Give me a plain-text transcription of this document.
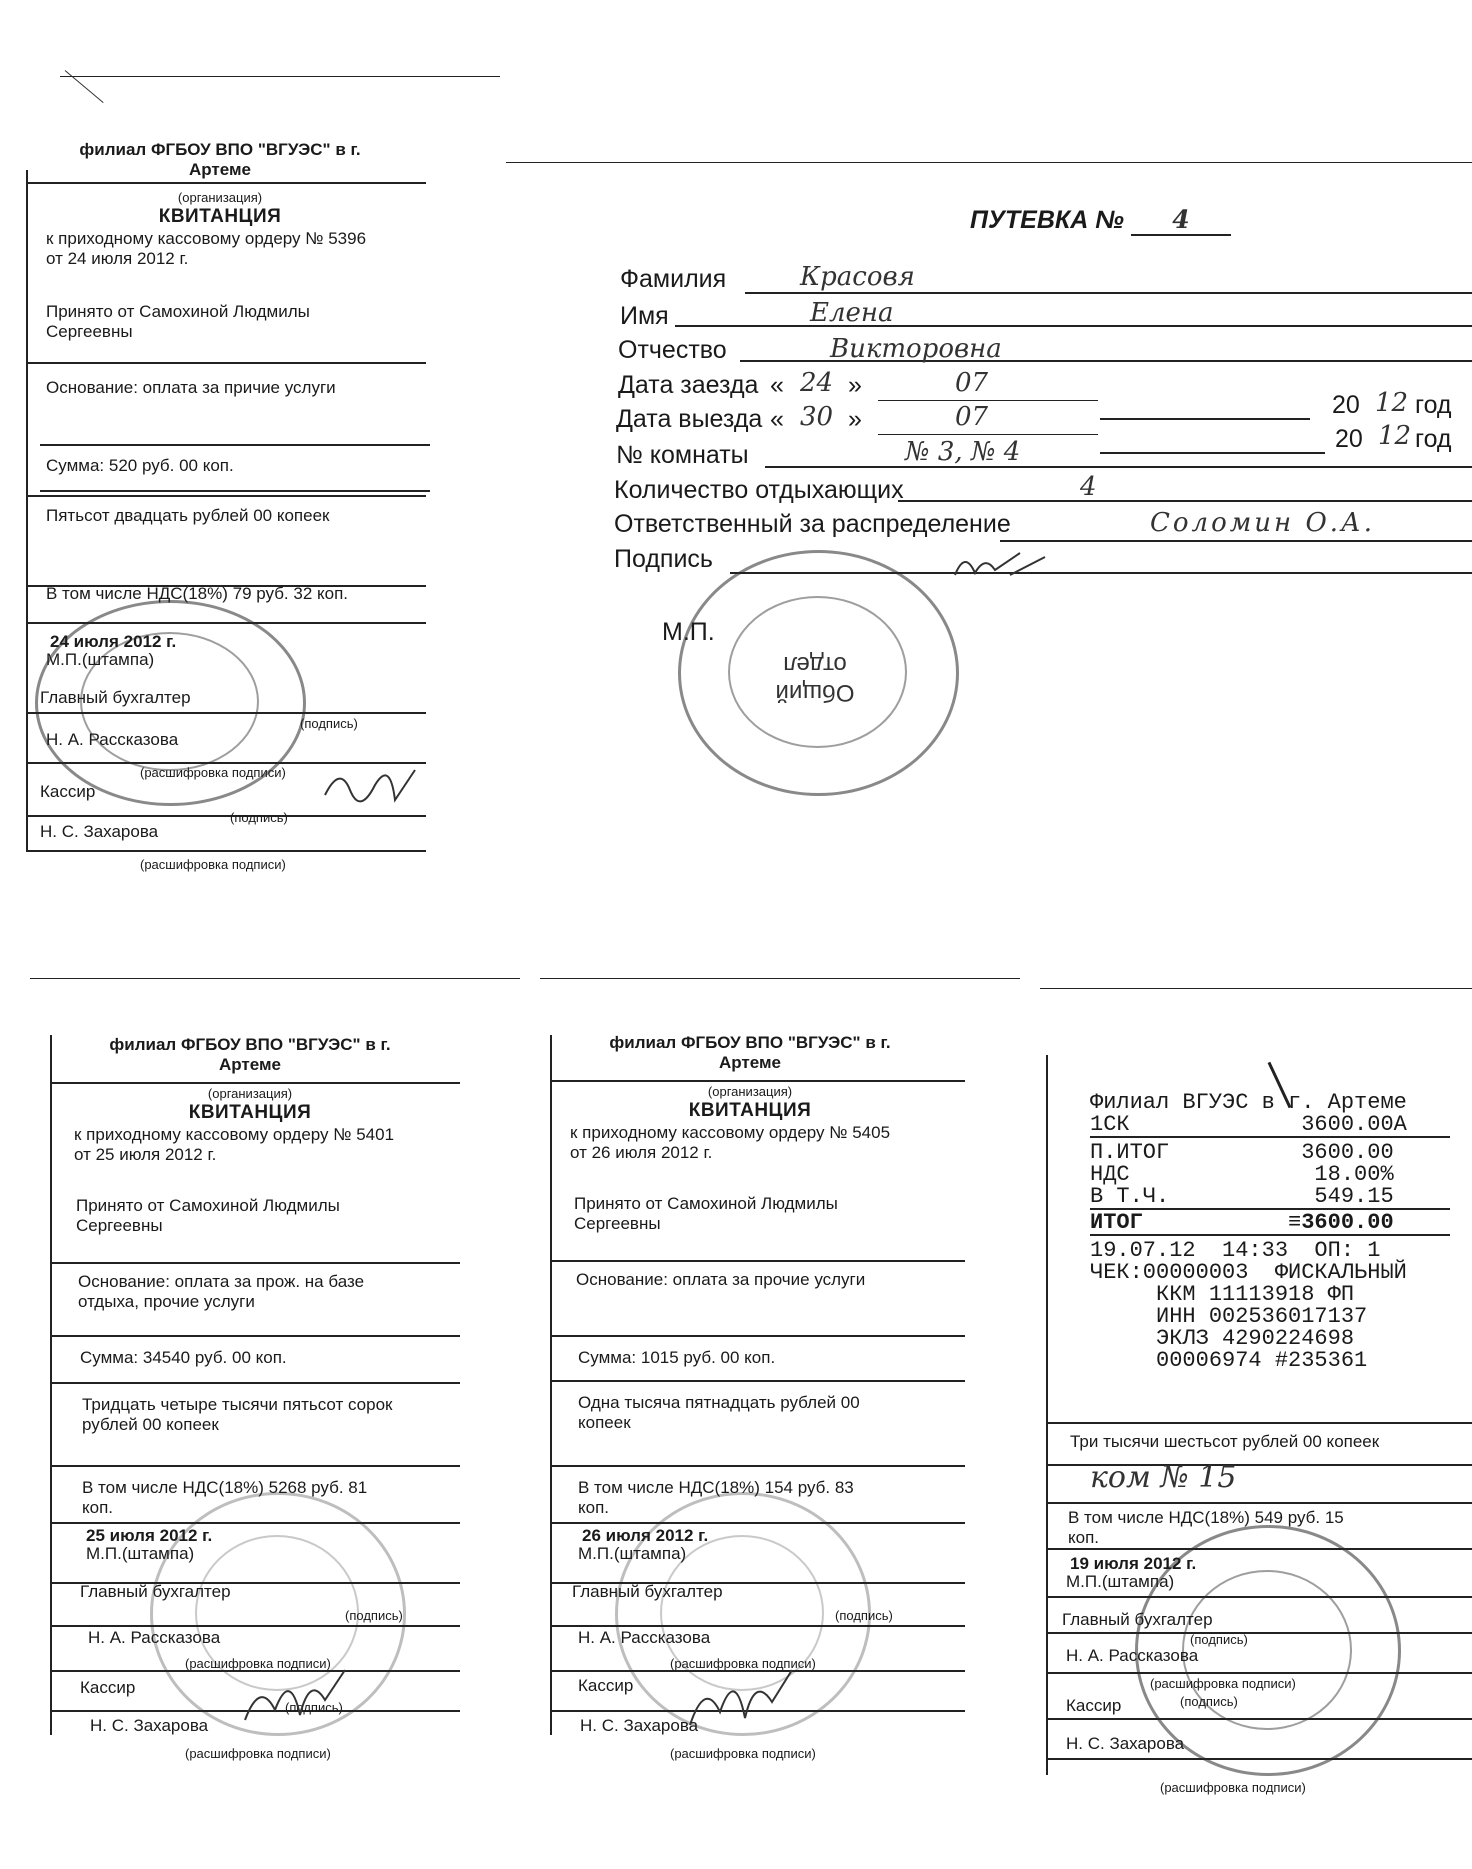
филиал ФГБОУ ВПО "ВГУЭС" в г.
Артеме
(организация)
КВИТАНЦИЯ
к приходному кассовому ордеру № 5396
от 24 июля 2012 г.
Принято от Самохиной Людмилы
Сергеевны
Основание: оплата за причие услуги
Сумма: 520 руб. 00 коп.
Пятьсот двадцать рублей 00 копеек
В том числе НДС(18%) 79 руб. 32 коп.
24 июля 2012 г.
М.П.(штампа)
Главный бухгалтер
(подпись)
Н. А. Рассказова
(расшифровка подписи)
Кассир
(подпись)
Н. С. Захарова
(расшифровка подписи)
ПУТЕВКА № 4
Фамилия	Красовя
Имя	Елена
Отчество	Викторовна
Дата заезда « 24 »	07
20 12 год
Дата выезда « 30 »	07
20 12 год
№ комнаты	№ 3, № 4
Количество отдыхающих	4
Ответственный за распределение	Соломин О.А.
Подпись
М.П.
Общий
отдел
филиал ФГБОУ ВПО "ВГУЭС" в г.
Артеме
(организация)
КВИТАНЦИЯ
к приходному кассовому ордеру № 5401
от 25 июля 2012 г.
Принято от Самохиной Людмилы
Сергеевны
Основание: оплата за прож. на базе
отдыха, прочие услуги
Сумма: 34540 руб. 00 коп.
Тридцать четыре тысячи пятьсот сорок
рублей 00 копеек
В том числе НДС(18%) 5268 руб. 81
коп.
25 июля 2012 г.
М.П.(штампа)
Главный бухгалтер
(подпись)
Н. А. Рассказова
(расшифровка подписи)
Кассир
(подпись)
Н. С. Захарова
(расшифровка подписи)
филиал ФГБОУ ВПО "ВГУЭС" в г.
Артеме
(организация)
КВИТАНЦИЯ
к приходному кассовому ордеру № 5405
от 26 июля 2012 г.
Принято от Самохиной Людмилы
Сергеевны
Основание: оплата за прочие услуги
Сумма: 1015 руб. 00 коп.
Одна тысяча пятнадцать рублей 00
копеек
В том числе НДС(18%) 154 руб. 83
коп.
26 июля 2012 г.
М.П.(штампа)
Главный бухгалтер
(подпись)
Н. А. Рассказова
(расшифровка подписи)
Кассир
Н. С. Захарова
(расшифровка подписи)
Филиал ВГУЭС в г. Артеме
1СК             3600.00А
П.ИТОГ          3600.00
НДС              18.00%
В Т.Ч.           549.15
ИТОГ           ≡3600.00
19.07.12  14:33  ОП: 1
ЧЕК:00000003  ФИСКАЛЬНЫЙ
ККМ 11113918 ФП
ИНН 002536017137
ЭКЛЗ 4290224698
00006974 #235361
Три тысячи шестьсот рублей 00 копеек
ком № 15
В том числе НДС(18%) 549 руб. 15
коп.
19 июля 2012 г.
М.П.(штампа)
Главный бухгалтер
(подпись)
Н. А. Рассказова
(расшифровка подписи)
Кассир	(подпись)
Н. С. Захарова
(расшифровка подписи)
